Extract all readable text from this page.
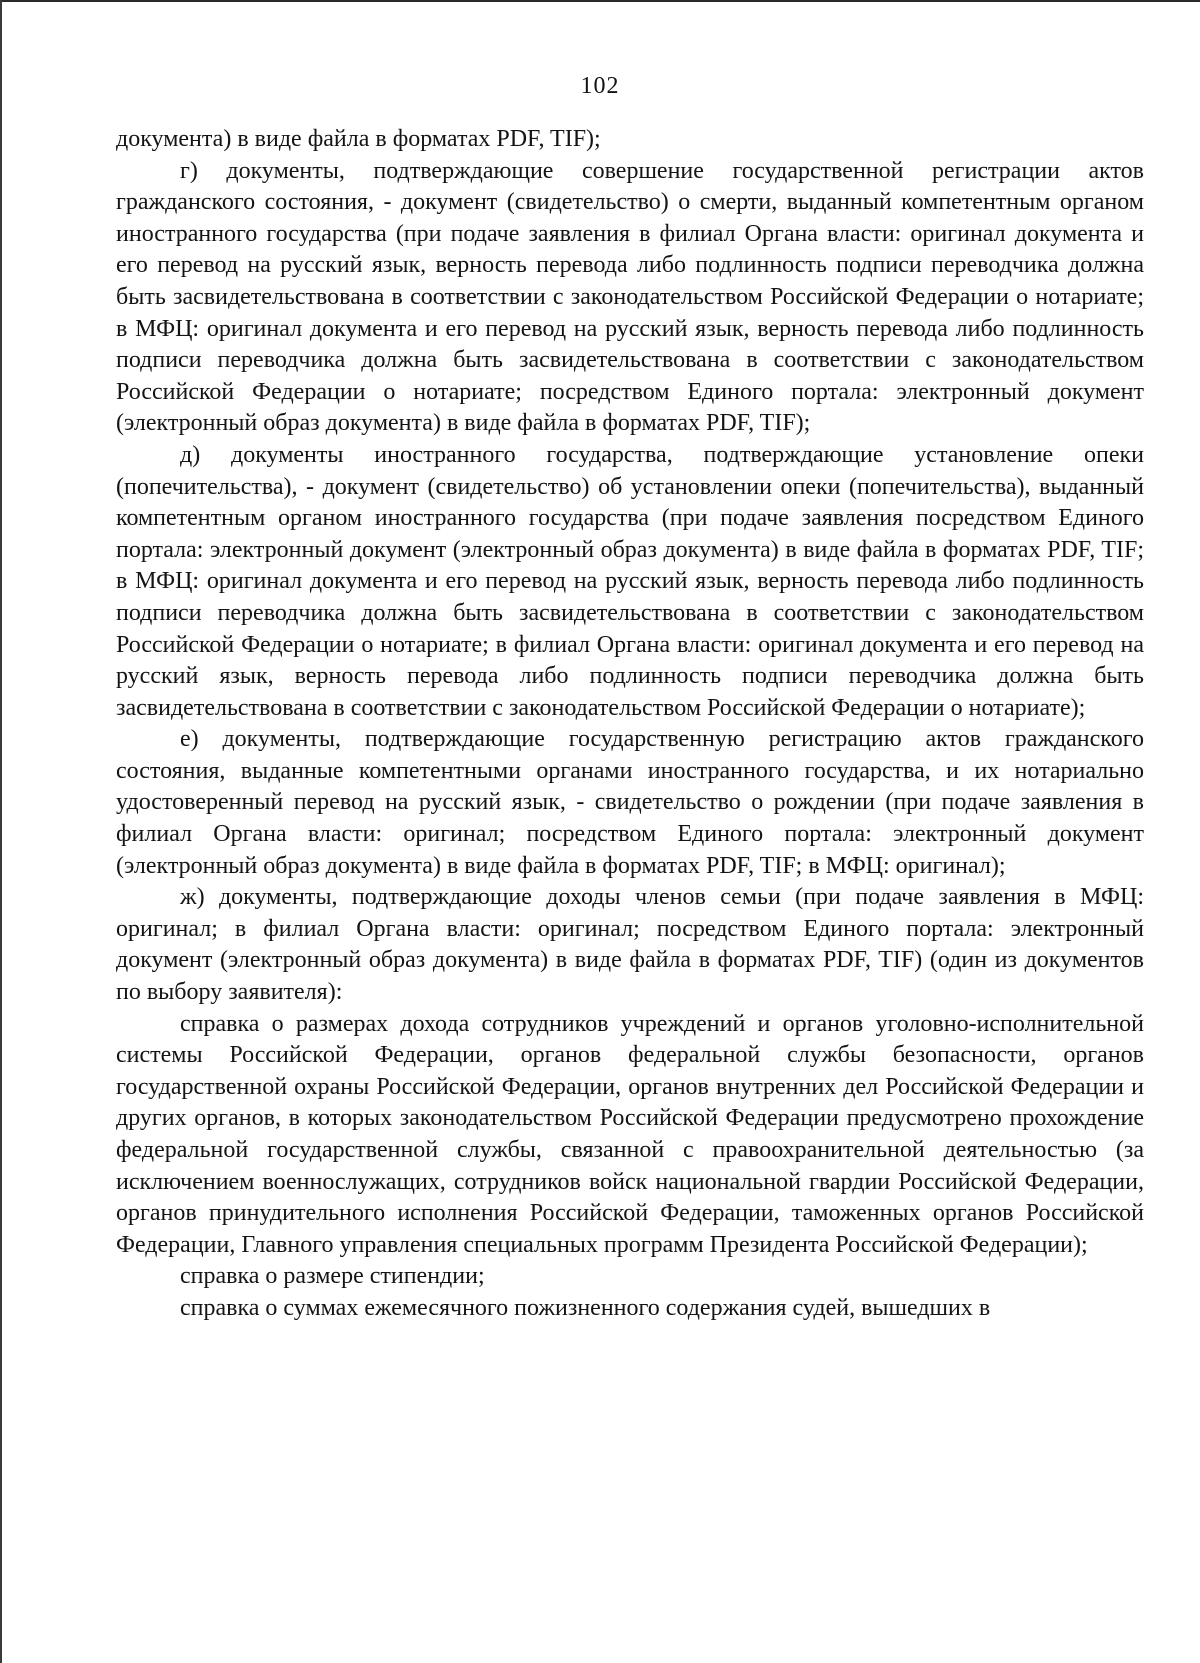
102

документа) в виде файла в форматах PDF, TIF);

г) документы, подтверждающие совершение государственной регистрации актов гражданского состояния, - документ (свидетельство) о смерти, выданный компетентным органом иностранного государства (при подаче заявления в филиал Органа власти: оригинал документа и его перевод на русский язык, верность перевода либо подлинность подписи переводчика должна быть засвидетельствована в соответствии с законодательством Российской Федерации о нотариате; в МФЦ: оригинал документа и его перевод на русский язык, верность перевода либо подлинность подписи переводчика должна быть засвидетельствована в соответствии с законодательством Российской Федерации о нотариате; посредством Единого портала: электронный документ (электронный образ документа) в виде файла в форматах PDF, TIF);

д) документы иностранного государства, подтверждающие установление опеки (попечительства), - документ (свидетельство) об установлении опеки (попечительства), выданный компетентным органом иностранного государства (при подаче заявления посредством Единого портала: электронный документ (электронный образ документа) в виде файла в форматах PDF, TIF; в МФЦ: оригинал документа и его перевод на русский язык, верность перевода либо подлинность подписи переводчика должна быть засвидетельствована в соответствии с законодательством Российской Федерации о нотариате; в филиал Органа власти: оригинал документа и его перевод на русский язык, верность перевода либо подлинность подписи переводчика должна быть засвидетельствована в соответствии с законодательством Российской Федерации о нотариате);

е) документы, подтверждающие государственную регистрацию актов гражданского состояния, выданные компетентными органами иностранного государства, и их нотариально удостоверенный перевод на русский язык, - свидетельство о рождении (при подаче заявления в филиал Органа власти: оригинал; посредством Единого портала: электронный документ (электронный образ документа) в виде файла в форматах PDF, TIF; в МФЦ: оригинал);

ж) документы, подтверждающие доходы членов семьи (при подаче заявления в МФЦ: оригинал; в филиал Органа власти: оригинал; посредством Единого портала: электронный документ (электронный образ документа) в виде файла в форматах PDF, TIF) (один из документов по выбору заявителя):

справка о размерах дохода сотрудников учреждений и органов уголовно-исполнительной системы Российской Федерации, органов федеральной службы безопасности, органов государственной охраны Российской Федерации, органов внутренних дел Российской Федерации и других органов, в которых законодательством Российской Федерации предусмотрено прохождение федеральной государственной службы, связанной с правоохранительной деятельностью (за исключением военнослужащих, сотрудников войск национальной гвардии Российской Федерации, органов принудительного исполнения Российской Федерации, таможенных органов Российской Федерации, Главного управления специальных программ Президента Российской Федерации);

справка о размере стипендии;

справка о суммах ежемесячного пожизненного содержания судей, вышедших в
